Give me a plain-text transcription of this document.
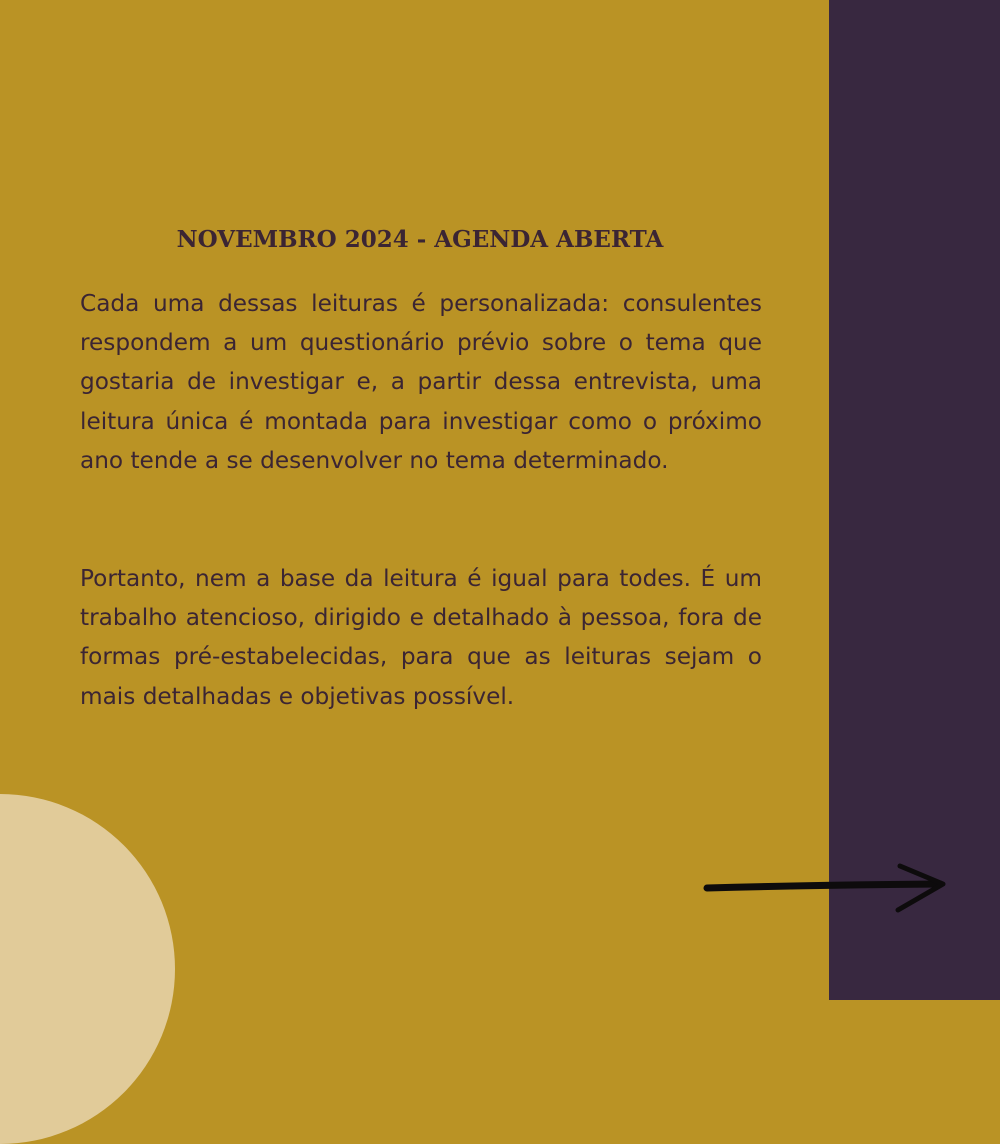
NOVEMBRO 2024 - AGENDA ABERTA

Cada uma dessas leituras é personalizada: consulentes respondem a um questionário prévio sobre o tema que gostaria de investigar e, a partir dessa entrevista, uma leitura única é montada para investigar como o próximo ano tende a se desenvolver no tema determinado.

Portanto, nem a base da leitura é igual para todes. É um trabalho atencioso, dirigido e detalhado à pessoa, fora de formas pré-estabelecidas, para que as leituras sejam o mais detalhadas e objetivas possível.
